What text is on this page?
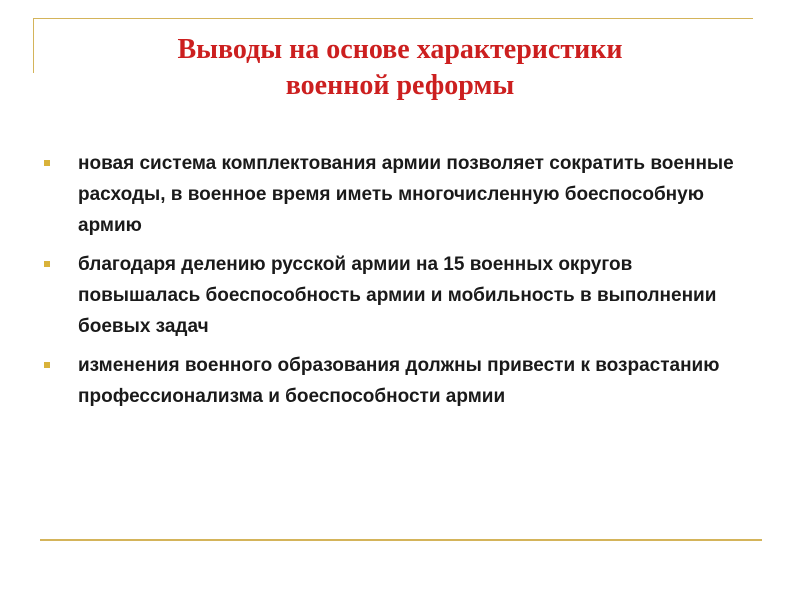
Выводы на основе характеристики
военной реформы
новая система комплектования армии позволяет сократить военные расходы, в военное время иметь многочисленную боеспособную армию
благодаря делению русской армии на 15 военных округов повышалась боеспособность армии и мобильность в выполнении боевых задач
изменения военного образования должны привести к возрастанию профессионализма и боеспособности армии
